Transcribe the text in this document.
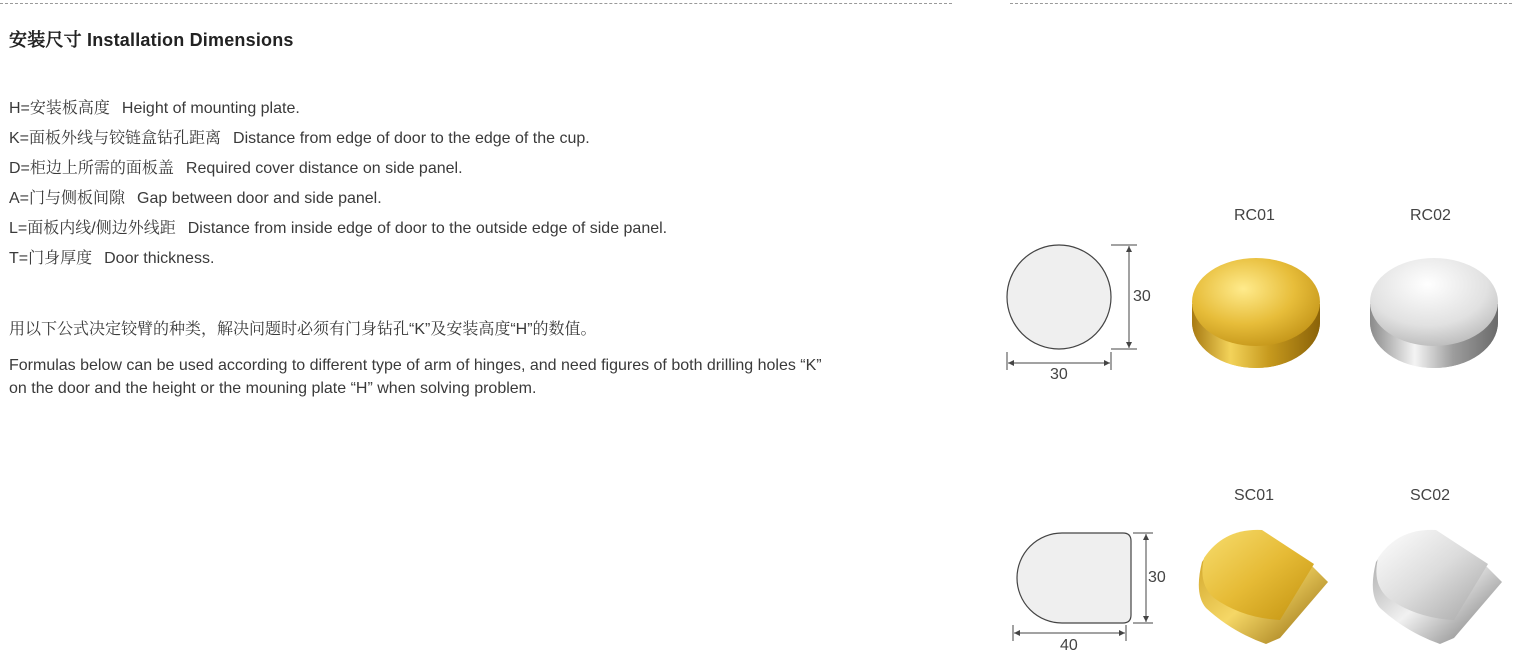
安装尺寸 Installation Dimensions
H=安装板高度 Height of mounting plate.
K=面板外线与铰链盒钻孔距离 Distance from edge of door to the edge of the cup.
D=柜边上所需的面板盖 Required cover distance on side panel.
A=门与侧板间隙 Gap between door and side panel.
L=面板内线/侧边外线距 Distance from inside edge of door to the outside edge of side panel.
T=门身厚度 Door thickness.
用以下公式决定铰臂的种类，解决问题时必须有门身钻孔“K”及安装高度“H”的数值。
Formulas below can be used according to different type of arm of hinges, and need figures of both drilling holes “K” on the door and the height or the mouning plate “H” when solving problem.
30
30
RC01	RC02
30
40
SC01	SC02
